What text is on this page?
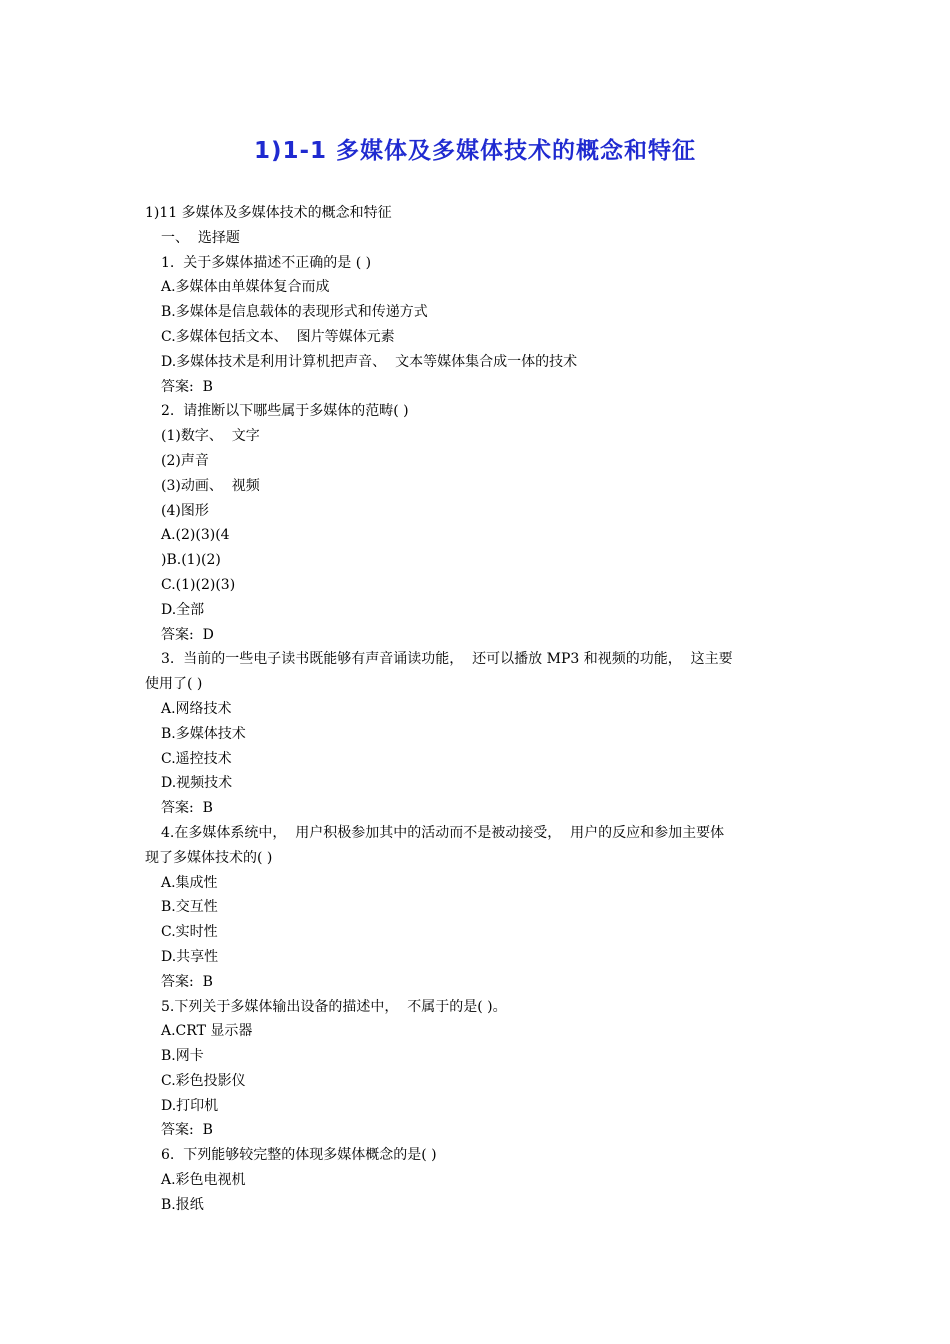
1)1-1 多媒体及多媒体技术的概念和特征
1)11 多媒体及多媒体技术的概念和特征
一、  选择题
1.  关于多媒体描述不正确的是 ( )
A.多媒体由单媒体复合而成
B.多媒体是信息载体的表现形式和传递方式
C.多媒体包括文本、  图片等媒体元素
D.多媒体技术是利用计算机把声音、  文本等媒体集合成一体的技术
答案:  B
2.  请推断以下哪些属于多媒体的范畴( )
(1)数字、  文字
(2)声音
(3)动画、  视频
(4)图形
A.(2)(3)(4
)B.(1)(2)
C.(1)(2)(3)
D.全部
答案:  D
3.  当前的一些电子读书既能够有声音诵读功能，  还可以播放 MP3 和视频的功能，  这主要
使用了( )
A.网络技术
B.多媒体技术
C.遥控技术
D.视频技术
答案:  B
4.在多媒体系统中，  用户积极参加其中的活动而不是被动接受，  用户的反应和参加主要体
现了多媒体技术的( )
A.集成性
B.交互性
C.实时性
D.共享性
答案:  B
5.下列关于多媒体输出设备的描述中，  不属于的是( )。
A.CRT 显示器
B.网卡
C.彩色投影仪
D.打印机
答案:  B
6.  下列能够较完整的体现多媒体概念的是( )
A.彩色电视机
B.报纸
